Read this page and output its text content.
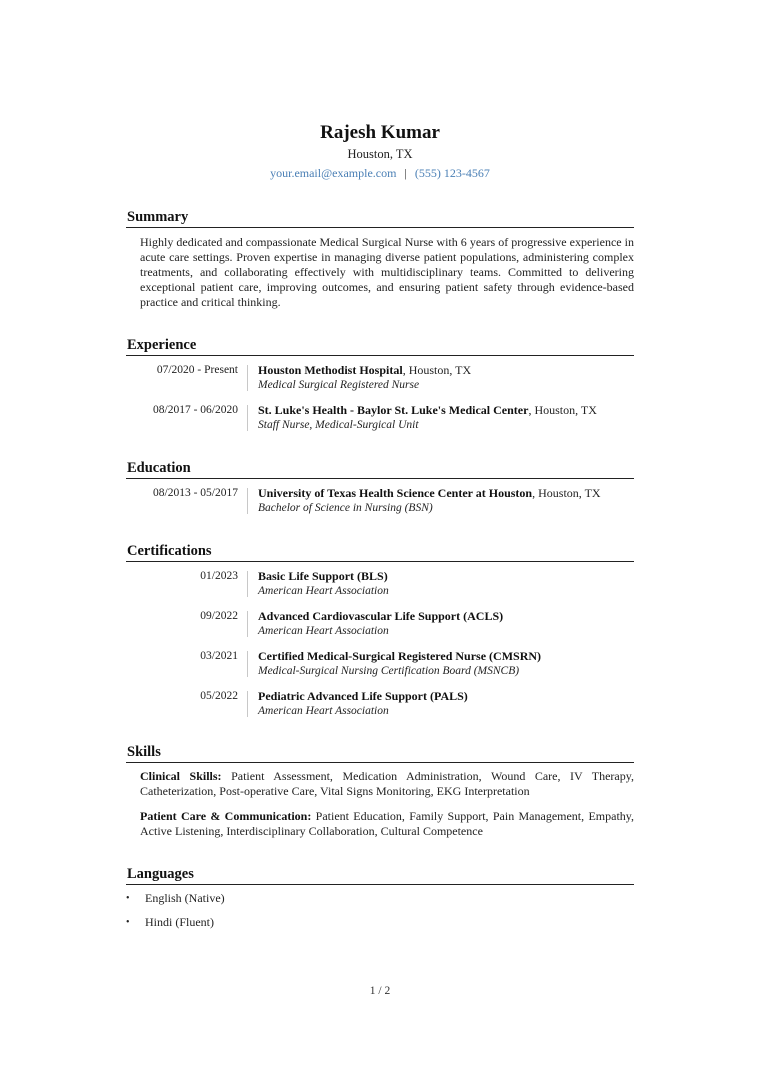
Rajesh Kumar
Houston, TX
your.email@example.com | (555) 123-4567
Summary

Highly dedicated and compassionate Medical Surgical Nurse with 6 years of progressive experience in acute care settings. Proven expertise in managing diverse patient populations, administering complex treatments, and collaborating effectively with multidisciplinary teams. Committed to delivering exceptional patient care, improving outcomes, and ensuring patient safety through evidence-based practice and critical thinking.

Experience
07/2020 - Present Houston Methodist Hospital, Houston, TX
Medical Surgical Registered Nurse
08/2017 - 06/2020 St. Luke's Health - Baylor St. Luke's Medical Center, Houston, TX
Staff Nurse, Medical-Surgical Unit
Education
08/2013 - 05/2017 University of Texas Health Science Center at Houston, Houston, TX
Bachelor of Science in Nursing (BSN)
Certifications
01/2023 Basic Life Support (BLS)
American Heart Association
09/2022 Advanced Cardiovascular Life Support (ACLS)
American Heart Association
03/2021 Certified Medical-Surgical Registered Nurse (CMSRN)
Medical-Surgical Nursing Certification Board (MSNCB)
05/2022 Pediatric Advanced Life Support (PALS)
American Heart Association
Skills

Clinical Skills: Patient Assessment, Medication Administration, Wound Care, IV Therapy, Catheterization, Post-operative Care, Vital Signs Monitoring, EKG Interpretation

Patient Care & Communication: Patient Education, Family Support, Pain Management, Empathy, Active Listening, Interdisciplinary Collaboration, Cultural Competence

Languages
• English (Native)
• Hindi (Fluent)
1 / 2
